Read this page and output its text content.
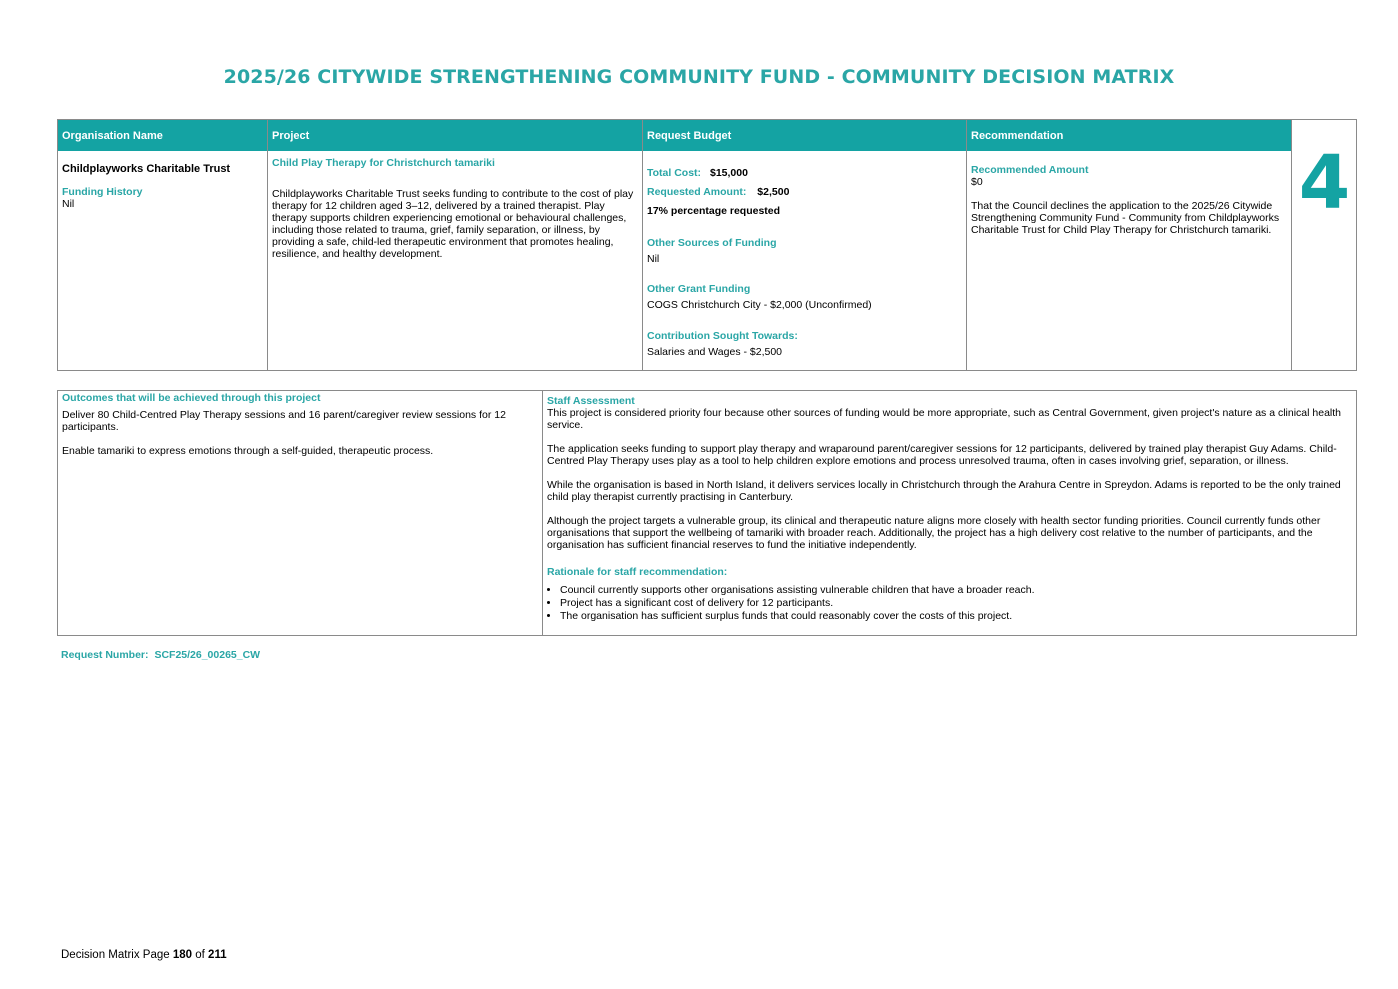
2025/26 CITYWIDE STRENGTHENING COMMUNITY FUND - COMMUNITY DECISION MATRIX
Organisation Name
Childplayworks Charitable Trust
Funding History
Nil
Project
Child Play Therapy for Christchurch tamariki
Childplayworks Charitable Trust seeks funding to contribute to the cost of play therapy for 12 children aged 3–12, delivered by a trained therapist. Play therapy supports children experiencing emotional or behavioural challenges, including those related to trauma, grief, family separation, or illness, by providing a safe, child-led therapeutic environment that promotes healing, resilience, and healthy development.
Request Budget
Total Cost: $15,000
Requested Amount: $2,500
17% percentage requested
Other Sources of Funding
Nil
Other Grant Funding
COGS Christchurch City - $2,000 (Unconfirmed)
Contribution Sought Towards:
Salaries and Wages - $2,500
Recommendation
Recommended Amount
$0
That the Council declines the application to the 2025/26 Citywide Strengthening Community Fund - Community from Childplayworks Charitable Trust for Child Play Therapy for Christchurch tamariki.
4
Outcomes that will be achieved through this project

Deliver 80 Child-Centred Play Therapy sessions and 16 parent/caregiver review sessions for 12 participants.

Enable tamariki to express emotions through a self-guided, therapeutic process.

Staff Assessment

This project is considered priority four because other sources of funding would be more appropriate, such as Central Government, given project's nature as a clinical health service.

The application seeks funding to support play therapy and wraparound parent/caregiver sessions for 12 participants, delivered by trained play therapist Guy Adams. Child-Centred Play Therapy uses play as a tool to help children explore emotions and process unresolved trauma, often in cases involving grief, separation, or illness.

While the organisation is based in North Island, it delivers services locally in Christchurch through the Arahura Centre in Spreydon. Adams is reported to be the only trained child play therapist currently practising in Canterbury.

Although the project targets a vulnerable group, its clinical and therapeutic nature aligns more closely with health sector funding priorities. Council currently funds other organisations that support the wellbeing of tamariki with broader reach. Additionally, the project has a high delivery cost relative to the number of participants, and the organisation has sufficient financial reserves to fund the initiative independently.

Rationale for staff recommendation:
• Council currently supports other organisations assisting vulnerable children that have a broader reach.
• Project has a significant cost of delivery for 12 participants.
• The organisation has sufficient surplus funds that could reasonably cover the costs of this project.
Request Number: SCF25/26_00265_CW
Decision Matrix Page 180 of 211
